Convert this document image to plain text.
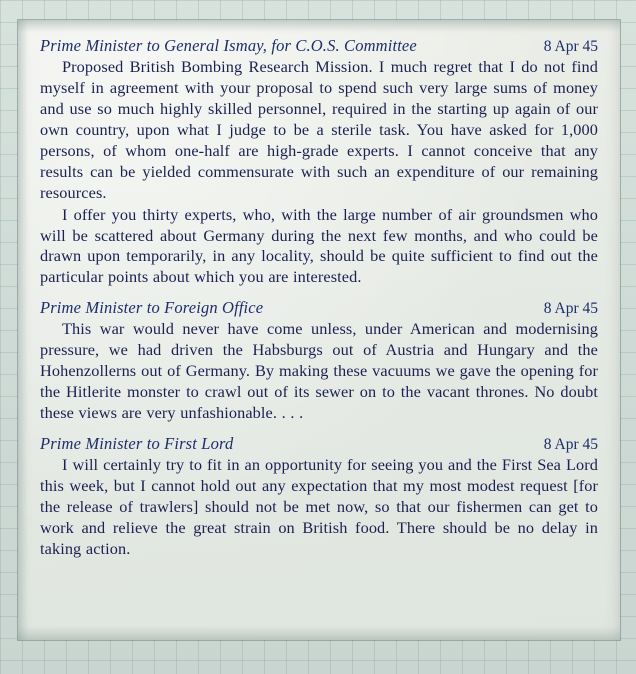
Prime Minister to General Ismay, for C.O.S. Committee	8 Apr 45

Proposed British Bombing Research Mission. I much regret that I do not find myself in agreement with your proposal to spend such very large sums of money and use so much highly skilled personnel, required in the starting up again of our own country, upon what I judge to be a sterile task. You have asked for 1,000 persons, of whom one-half are high-grade experts. I cannot conceive that any results can be yielded commensurate with such an expenditure of our remaining resources.

I offer you thirty experts, who, with the large number of air groundsmen who will be scattered about Germany during the next few months, and who could be drawn upon temporarily, in any locality, should be quite sufficient to find out the particular points about which you are interested.

Prime Minister to Foreign Office	8 Apr 45

This war would never have come unless, under American and modernising pressure, we had driven the Habsburgs out of Austria and Hungary and the Hohenzollerns out of Germany. By making these vacuums we gave the opening for the Hitlerite monster to crawl out of its sewer on to the vacant thrones. No doubt these views are very unfashionable. . . .

Prime Minister to First Lord	8 Apr 45

I will certainly try to fit in an opportunity for seeing you and the First Sea Lord this week, but I cannot hold out any expectation that my most modest request [for the release of trawlers] should not be met now, so that our fishermen can get to work and relieve the great strain on British food. There should be no delay in taking action.
